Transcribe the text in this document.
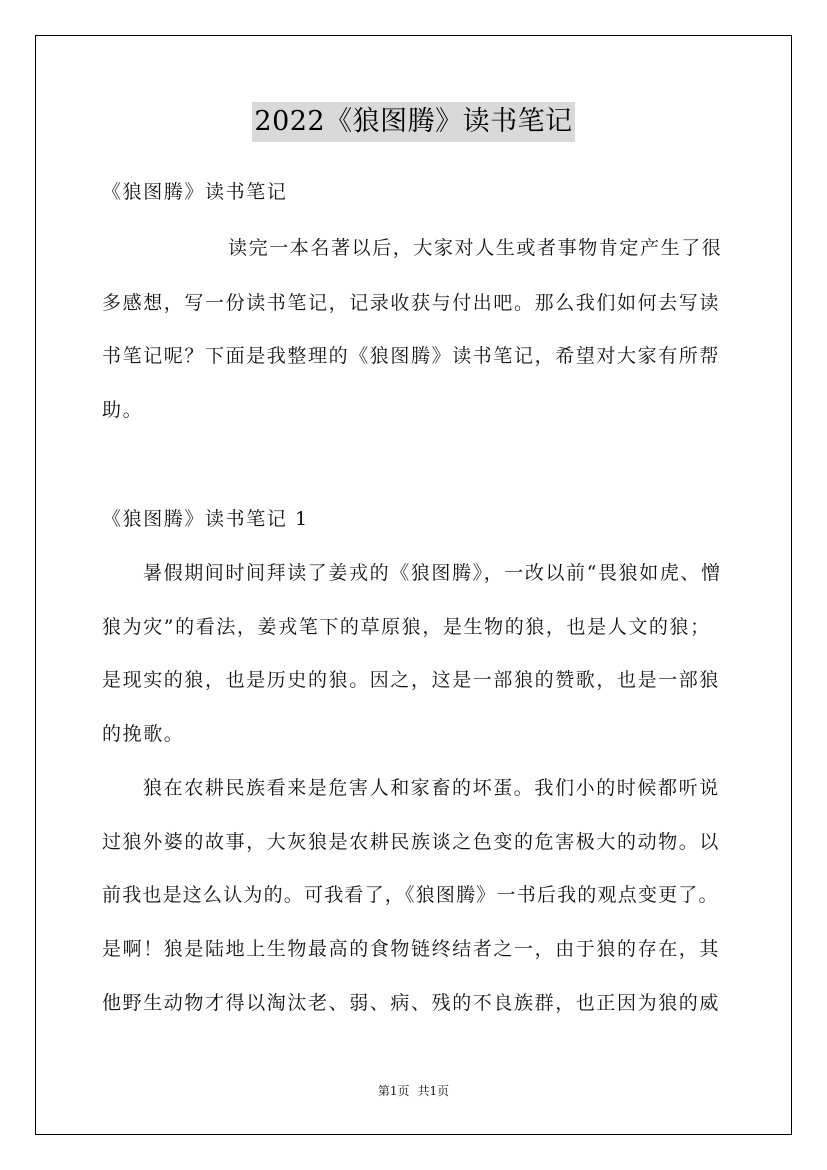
2022《狼图腾》读书笔记
《狼图腾》读书笔记
读完一本名著以后，大家对人生或者事物肯定产生了很
多感想，写一份读书笔记，记录收获与付出吧。那么我们如何去写读
书笔记呢？下面是我整理的《狼图腾》读书笔记，希望对大家有所帮
助。
《狼图腾》读书笔记 1
暑假期间时间拜读了姜戎的《狼图腾》，一改以前“畏狼如虎、憎
狼为灾”的看法，姜戎笔下的草原狼，是生物的狼，也是人文的狼；
是现实的狼，也是历史的狼。因之，这是一部狼的赞歌，也是一部狼
的挽歌。
狼在农耕民族看来是危害人和家畜的坏蛋。我们小的时候都听说
过狼外婆的故事，大灰狼是农耕民族谈之色变的危害极大的动物。以
前我也是这么认为的。可我看了，《狼图腾》一书后我的观点变更了。
是啊！狼是陆地上生物最高的食物链终结者之一，由于狼的存在，其
他野生动物才得以淘汰老、弱、病、残的不良族群，也正因为狼的威
第1页 共1页
